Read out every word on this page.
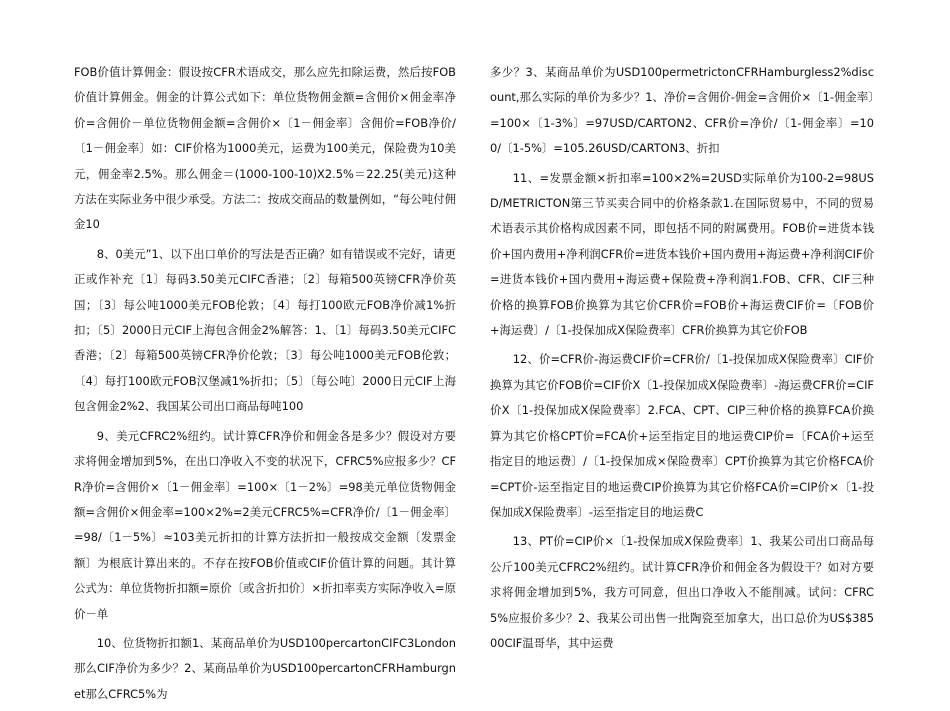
FOB价值计算佣金：假设按CFR术语成交，那么应先扣除运费，然后按FOB价值计算佣金。佣金的计算公式如下：单位货物佣金额=含佣价×佣金率净价=含佣价－单位货物佣金额=含佣价×〔1－佣金率〕含佣价=FOB净价/〔1－佣金率〕如：CIF价格为1000美元，运费为100美元，保险费为10美元，佣金率2.5%。那么佣金＝(1000-100-10)X2.5%＝22.25(美元)这种方法在实际业务中很少承受。方法二：按成交商品的数量例如，“每公吨付佣金10

8、0美元”1、以下出口单价的写法是否正确？如有错误或不完好，请更正或作补充〔1〕每码3.50美元CIFC香港；〔2〕每箱500英镑CFR净价英国；〔3〕每公吨1000美元FOB伦敦；〔4〕每打100欧元FOB净价减1%折扣；〔5〕2000日元CIF上海包含佣金2%解答：1、〔1〕每码3.50美元CIFC香港；〔2〕每箱500英镑CFR净价伦敦；〔3〕每公吨1000美元FOB伦敦；〔4〕每打100欧元FOB汉堡减1%折扣；〔5〕〔每公吨〕2000日元CIF上海包含佣金2%2、我国某公司出口商品每吨100

9、美元CFRC2%纽约。试计算CFR净价和佣金各是多少？假设对方要求将佣金增加到5%，在出口净收入不变的状况下，CFRC5%应报多少？CFR净价=含佣价×〔1－佣金率〕=100×〔1－2%〕=98美元单位货物佣金额=含佣价×佣金率=100×2%=2美元CFRC5%=CFR净价/〔1－佣金率〕=98/〔1－5%〕≈103美元折扣的计算方法折扣一般按成交金额〔发票金额〕为根底计算出来的。不存在按FOB价值或CIF价值计算的问题。其计算公式为：单位货物折扣额=原价〔或含折扣价〕×折扣率卖方实际净收入=原价－单

10、位货物折扣额1、某商品单价为USD100percartonCIFC3London那么CIF净价为多少？2、某商品单价为USD100percartonCFRHamburgnet那么CFRC5%为

多少？3、某商品单价为USD100permetrictonCFRHamburgless2%discount,那么实际的单价为多少？1、净价=含佣价-佣金=含佣价×〔1-佣金率〕=100×〔1-3%〕=97USD/CARTON2、CFR价=净价/〔1-佣金率〕=100/〔1-5%〕=105.26USD/CARTON3、折扣

11、=发票金额×折扣率=100×2%=2USD实际单价为100-2=98USD/METRICTON第三节买卖合同中的价格条款1.在国际贸易中，不同的贸易术语表示其价格构成因素不同，即包括不同的附属费用。FOB价=进货本钱价+国内费用+净利润CFR价=进货本钱价+国内费用+海运费+净利润CIF价=进货本钱价+国内费用+海运费+保险费+净利润1.FOB、CFR、CIF三种价格的换算FOB价换算为其它价CFR价=FOB价+海运费CIF价=〔FOB价+海运费〕/〔1-投保加成X保险费率〕CFR价换算为其它价FOB

12、价=CFR价-海运费CIF价=CFR价/〔1-投保加成X保险费率〕CIF价换算为其它价FOB价=CIF价X〔1-投保加成X保险费率〕-海运费CFR价=CIF价X〔1-投保加成X保险费率〕2.FCA、CPT、CIP三种价格的换算FCA价换算为其它价格CPT价=FCA价+运至指定目的地运费CIP价=〔FCA价+运至指定目的地运费〕/〔1-投保加成×保险费率〕CPT价换算为其它价格FCA价=CPT价-运至指定目的地运费CIP价换算为其它价格FCA价=CIP价×〔1-投保加成X保险费率〕-运至指定目的地运费C

13、PT价=CIP价×〔1-投保加成X保险费率〕1、我某公司出口商品每公斤100美元CFRC2%纽约。试计算CFR净价和佣金各为假设干？如对方要求将佣金增加到5%，我方可同意，但出口净收入不能削减。试问：CFRC5%应报价多少？2、我某公司出售一批陶瓷至加拿大，出口总价为US$38500CIF温哥华，其中运费
